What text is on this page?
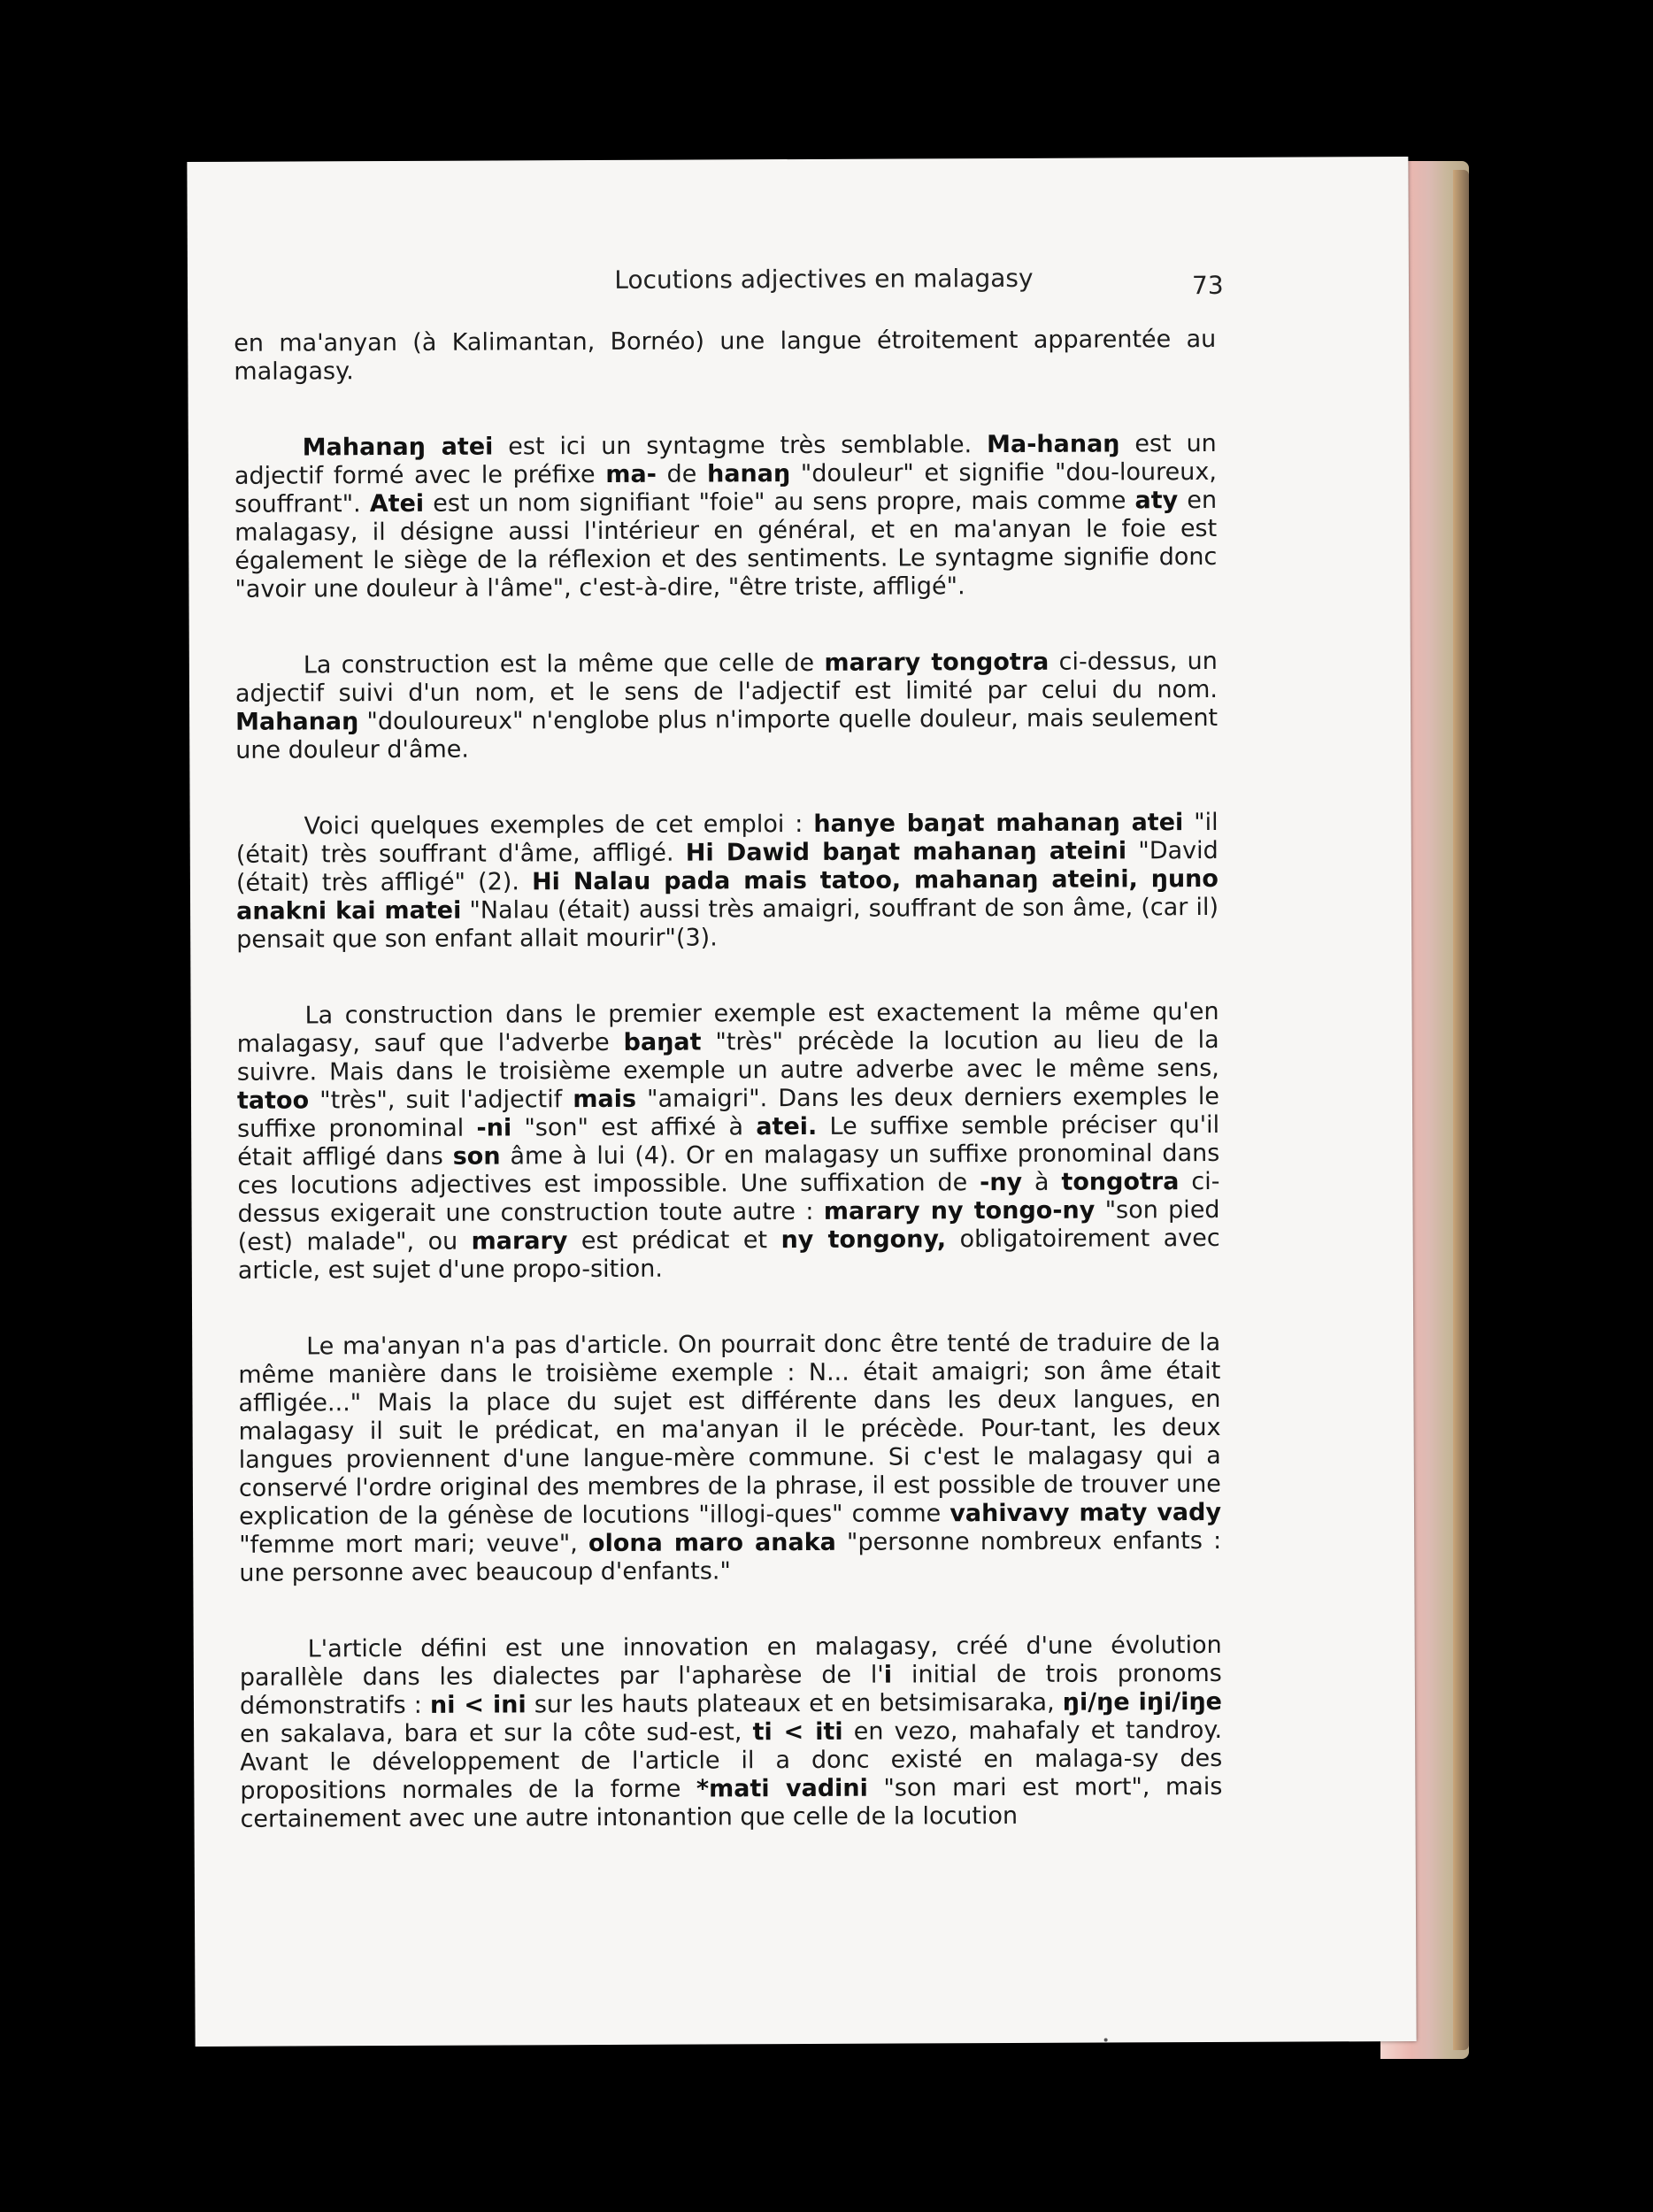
Locutions adjectives en malagasy	73

en ma'anyan (à Kalimantan, Bornéo) une langue étroitement apparentée au malagasy.

Mahanaŋ atei est ici un syntagme très semblable. Ma-hanaŋ est un adjectif formé avec le préfixe ma- de hanaŋ "douleur" et signifie "dou-loureux, souffrant". Atei est un nom signifiant "foie" au sens propre, mais comme aty en malagasy, il désigne aussi l'intérieur en général, et en ma'anyan le foie est également le siège de la réflexion et des sentiments. Le syntagme signifie donc "avoir une douleur à l'âme", c'est-à-dire, "être triste, affligé".

La construction est la même que celle de marary tongotra ci-dessus, un adjectif suivi d'un nom, et le sens de l'adjectif est limité par celui du nom. Mahanaŋ "douloureux" n'englobe plus n'importe quelle douleur, mais seulement une douleur d'âme.

Voici quelques exemples de cet emploi : hanye baŋat mahanaŋ atei "il (était) très souffrant d'âme, affligé. Hi Dawid baŋat mahanaŋ ateini "David (était) très affligé" (2). Hi Nalau pada mais tatoo, mahanaŋ ateini, ŋuno anakni kai matei "Nalau (était) aussi très amaigri, souffrant de son âme, (car il) pensait que son enfant allait mourir"(3).

La construction dans le premier exemple est exactement la même qu'en malagasy, sauf que l'adverbe baŋat "très" précède la locution au lieu de la suivre. Mais dans le troisième exemple un autre adverbe avec le même sens, tatoo "très", suit l'adjectif mais "amaigri". Dans les deux derniers exemples le suffixe pronominal -ni "son" est affixé à atei. Le suffixe semble préciser qu'il était affligé dans son âme à lui (4). Or en malagasy un suffixe pronominal dans ces locutions adjectives est impossible. Une suffixation de -ny à tongotra ci-dessus exigerait une construction toute autre : marary ny tongo-ny "son pied (est) malade", ou marary est prédicat et ny tongony, obligatoirement avec article, est sujet d'une propo-sition.

Le ma'anyan n'a pas d'article. On pourrait donc être tenté de traduire de la même manière dans le troisième exemple : N... était amaigri; son âme était affligée..." Mais la place du sujet est différente dans les deux langues, en malagasy il suit le prédicat, en ma'anyan il le précède. Pour-tant, les deux langues proviennent d'une langue-mère commune. Si c'est le malagasy qui a conservé l'ordre original des membres de la phrase, il est possible de trouver une explication de la génèse de locutions "illogi-ques" comme vahivavy maty vady "femme mort mari; veuve", olona maro anaka "personne nombreux enfants : une personne avec beaucoup d'enfants."

L'article défini est une innovation en malagasy, créé d'une évolution parallèle dans les dialectes par l'apharèse de l'i initial de trois pronoms démonstratifs : ni < ini sur les hauts plateaux et en betsimisaraka, ŋi/ŋe iŋi/iŋe en sakalava, bara et sur la côte sud-est, ti < iti en vezo, mahafaly et tandroy. Avant le développement de l'article il a donc existé en malaga-sy des propositions normales de la forme *mati vadini "son mari est mort", mais certainement avec une autre intonantion que celle de la locution
